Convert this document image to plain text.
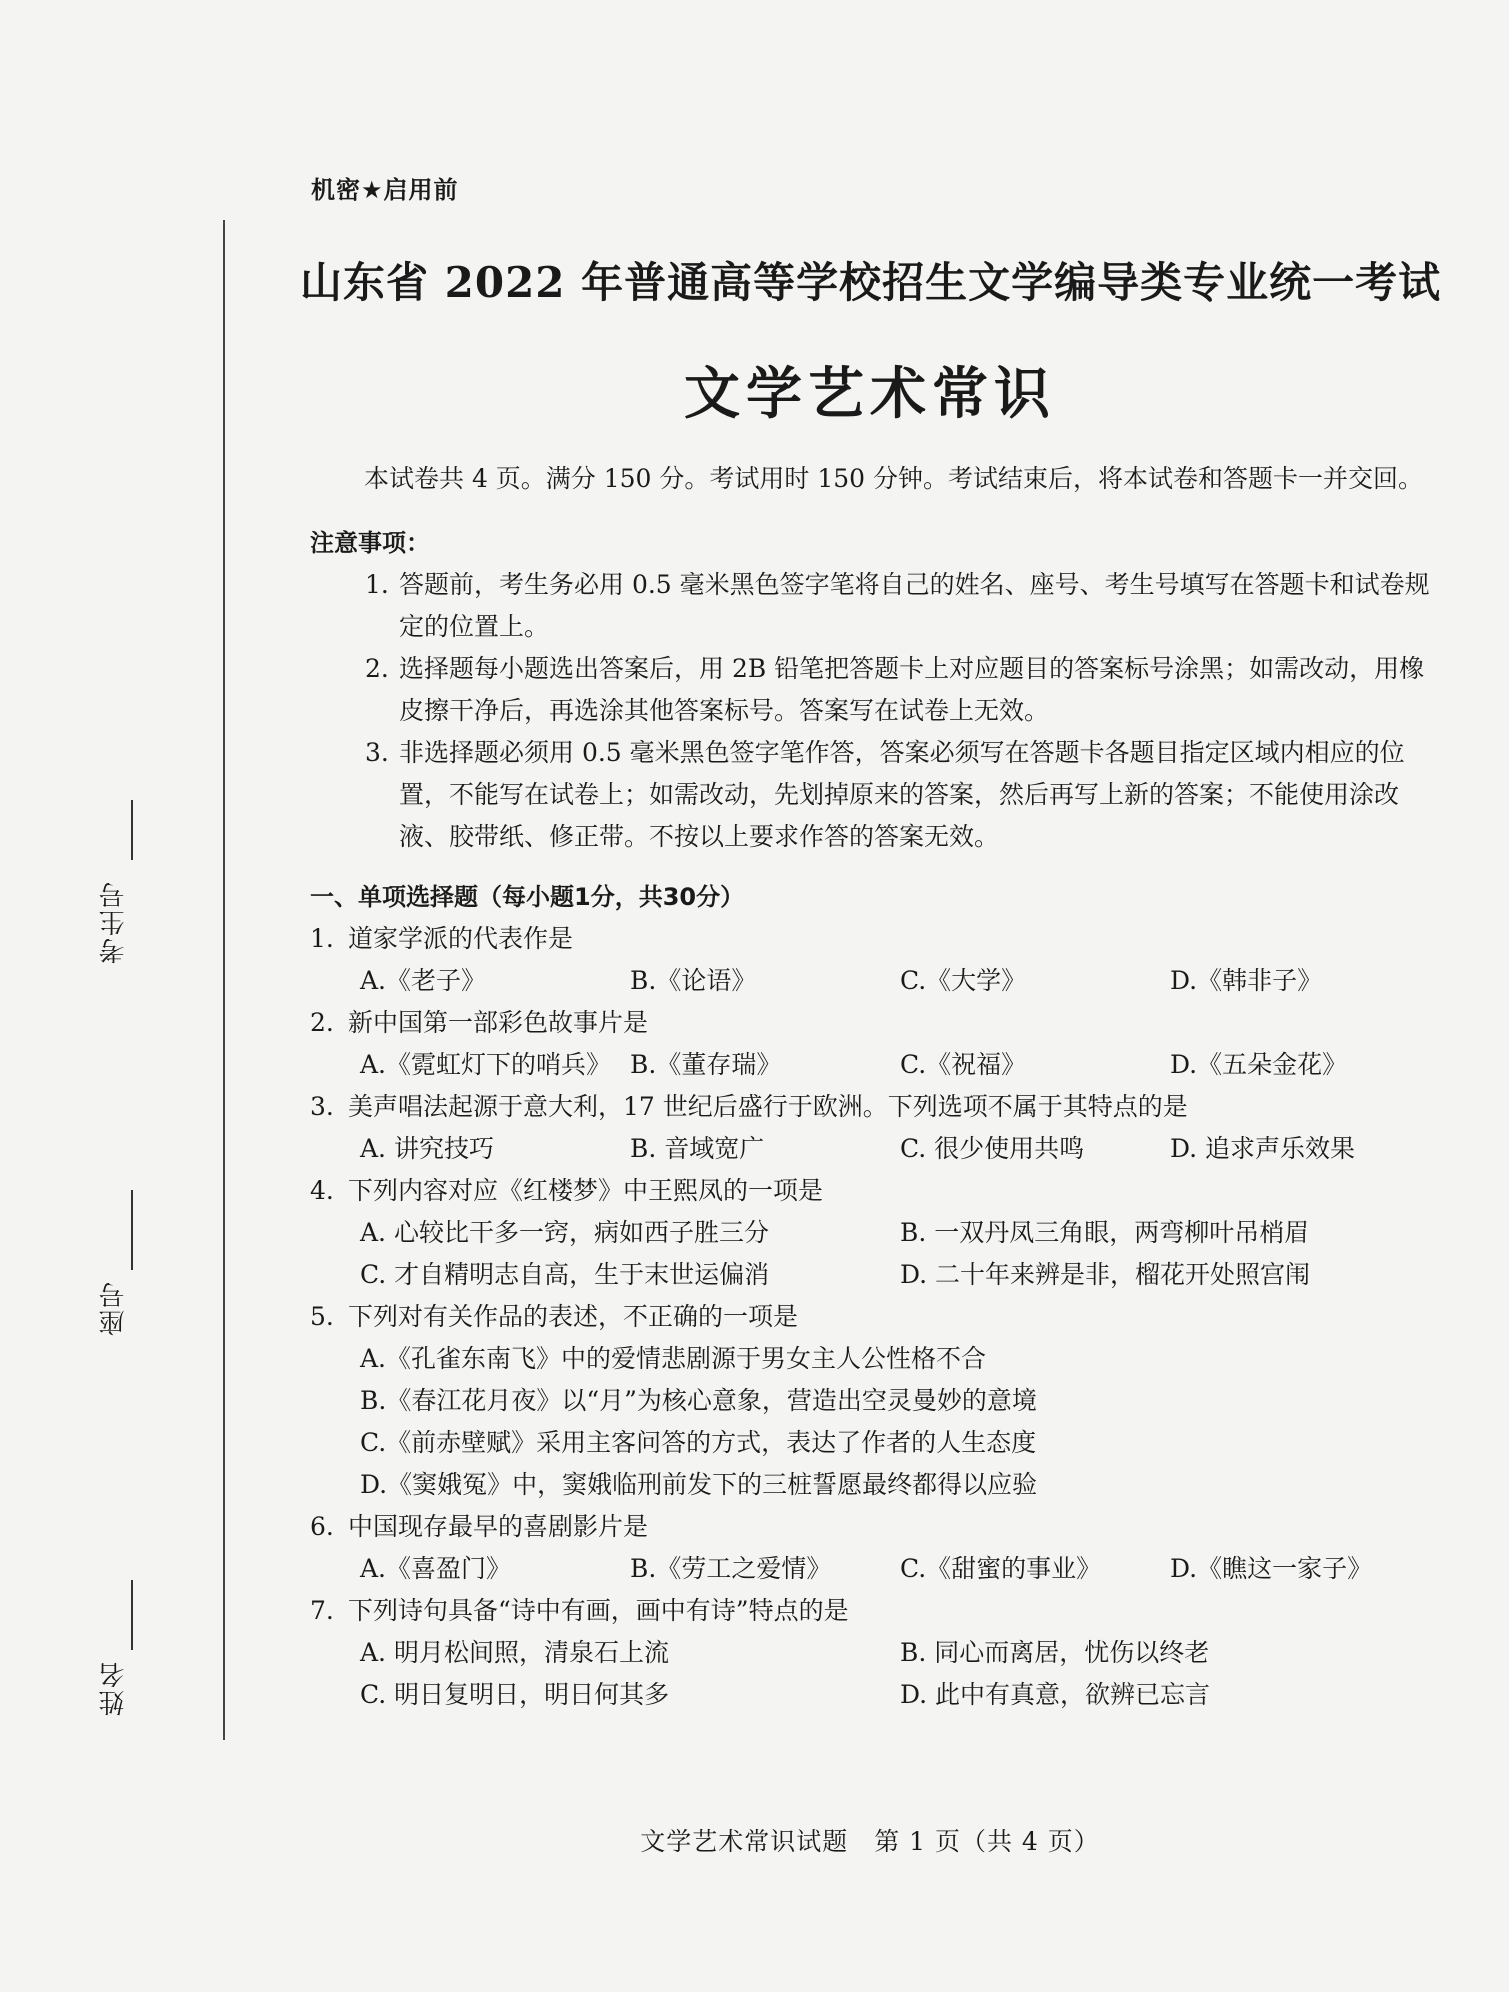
考生号
座号
姓名
机密★启用前
山东省 2022 年普通高等学校招生文学编导类专业统一考试
文学艺术常识

本试卷共 4 页。满分 150 分。考试用时 150 分钟。考试结束后，将本试卷和答题卡一并交回。

注意事项：
1. 答题前，考生务必用 0.5 毫米黑色签字笔将自己的姓名、座号、考生号填写在答题卡和试卷规定的位置上。
2. 选择题每小题选出答案后，用 2B 铅笔把答题卡上对应题目的答案标号涂黑；如需改动，用橡皮擦干净后，再选涂其他答案标号。答案写在试卷上无效。
3. 非选择题必须用 0.5 毫米黑色签字笔作答，答案必须写在答题卡各题目指定区域内相应的位置，不能写在试卷上；如需改动，先划掉原来的答案，然后再写上新的答案；不能使用涂改液、胶带纸、修正带。不按以上要求作答的答案无效。
一、单项选择题（每小题1分，共30分）
1. 道家学派的代表作是
A.《老子》	B.《论语》	C.《大学》	D.《韩非子》
2. 新中国第一部彩色故事片是
A.《霓虹灯下的哨兵》 B.《董存瑞》	C.《祝福》	D.《五朵金花》
3. 美声唱法起源于意大利，17 世纪后盛行于欧洲。下列选项不属于其特点的是
A. 讲究技巧	B. 音域宽广	C. 很少使用共鸣	D. 追求声乐效果
4. 下列内容对应《红楼梦》中王熙凤的一项是
A. 心较比干多一窍，病如西子胜三分	B. 一双丹凤三角眼，两弯柳叶吊梢眉
C. 才自精明志自高，生于末世运偏消	D. 二十年来辨是非，榴花开处照宫闱
5. 下列对有关作品的表述，不正确的一项是
A.《孔雀东南飞》中的爱情悲剧源于男女主人公性格不合
B.《春江花月夜》以“月”为核心意象，营造出空灵曼妙的意境
C.《前赤壁赋》采用主客问答的方式，表达了作者的人生态度
D.《窦娥冤》中，窦娥临刑前发下的三桩誓愿最终都得以应验
6. 中国现存最早的喜剧影片是
A.《喜盈门》	B.《劳工之爱情》	C.《甜蜜的事业》	D.《瞧这一家子》
7. 下列诗句具备“诗中有画，画中有诗”特点的是
A. 明月松间照，清泉石上流	B. 同心而离居，忧伤以终老
C. 明日复明日，明日何其多	D. 此中有真意，欲辨已忘言
文学艺术常识试题　第 1 页（共 4 页）
